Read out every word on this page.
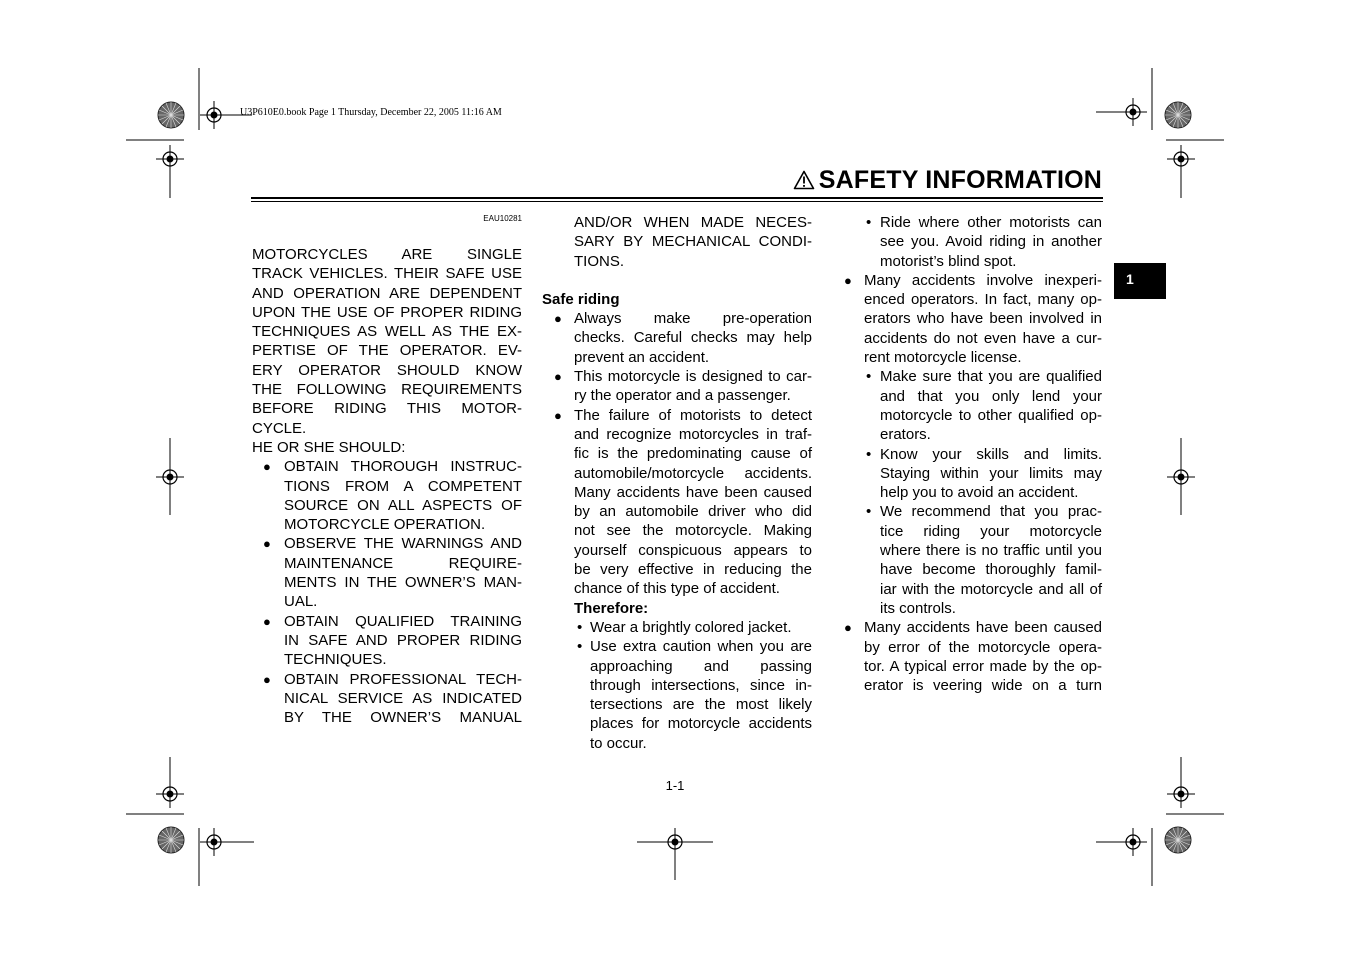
U3P610E0.book Page 1 Thursday, December 22, 2005 11:16 AM
SAFETY INFORMATION
EAU10281
1
MOTORCYCLES ARE SINGLE
TRACK VEHICLES. THEIR SAFE USE
AND OPERATION ARE DEPENDENT
UPON THE USE OF PROPER RIDING
TECHNIQUES AS WELL AS THE EX-
PERTISE OF THE OPERATOR. EV-
ERY OPERATOR SHOULD KNOW
THE FOLLOWING REQUIREMENTS
BEFORE RIDING THIS MOTOR-
CYCLE.
HE OR SHE SHOULD:
● OBTAIN THOROUGH INSTRUC-
TIONS FROM A COMPETENT
SOURCE ON ALL ASPECTS OF
MOTORCYCLE OPERATION.
● OBSERVE THE WARNINGS AND
MAINTENANCE REQUIRE-
MENTS IN THE OWNER’S MAN-
UAL.
● OBTAIN QUALIFIED TRAINING
IN SAFE AND PROPER RIDING
TECHNIQUES.
● OBTAIN PROFESSIONAL TECH-
NICAL SERVICE AS INDICATED
BY THE OWNER’S MANUAL
AND/OR WHEN MADE NECES-
SARY BY MECHANICAL CONDI-
TIONS.
Safe riding
● Always make pre-operation
checks. Careful checks may help
prevent an accident.
● This motorcycle is designed to car-
ry the operator and a passenger.
● The failure of motorists to detect
and recognize motorcycles in traf-
fic is the predominating cause of
automobile/motorcycle accidents.
Many accidents have been caused
by an automobile driver who did
not see the motorcycle. Making
yourself conspicuous appears to
be very effective in reducing the
chance of this type of accident.
Therefore:
• Wear a brightly colored jacket.
• Use extra caution when you are
approaching and passing
through intersections, since in-
tersections are the most likely
places for motorcycle accidents
to occur.
• Ride where other motorists can
see you. Avoid riding in another
motorist’s blind spot.
● Many accidents involve inexperi-
enced operators. In fact, many op-
erators who have been involved in
accidents do not even have a cur-
rent motorcycle license.
• Make sure that you are qualified
and that you only lend your
motorcycle to other qualified op-
erators.
• Know your skills and limits.
Staying within your limits may
help you to avoid an accident.
• We recommend that you prac-
tice riding your motorcycle
where there is no traffic until you
have become thoroughly famil-
iar with the motorcycle and all of
its controls.
● Many accidents have been caused
by error of the motorcycle opera-
tor. A typical error made by the op-
erator is veering wide on a turn
1-1
